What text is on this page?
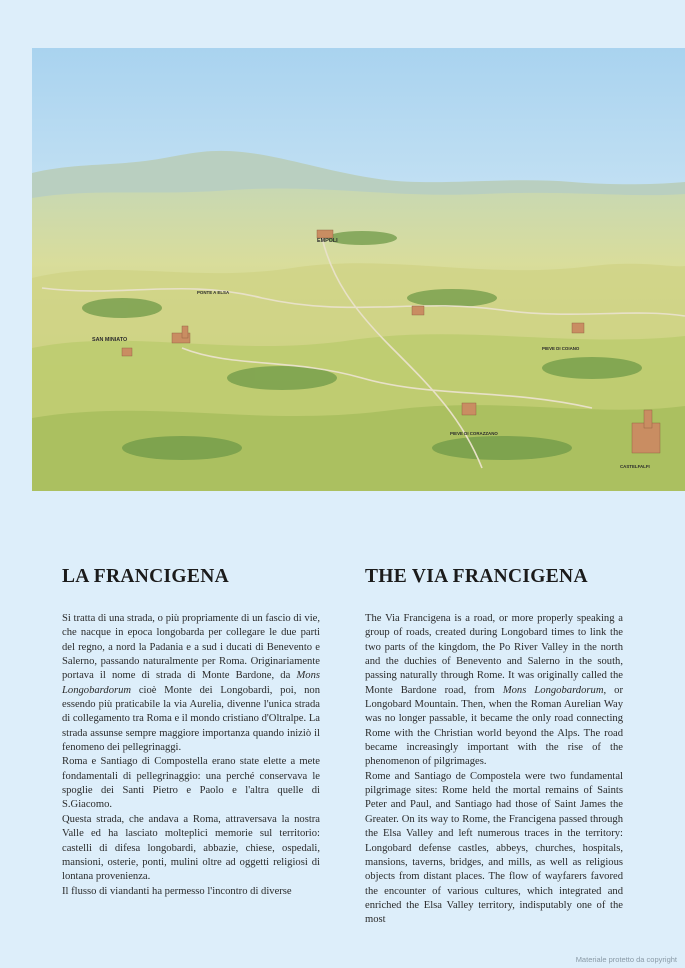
SAN MINIATO
EMPOLI
PIEVE DI CORAZZANO
PIEVE DI COIANO
CASTELFALFI
PONTE A ELSA
LA FRANCIGENA	THE VIA FRANCIGENA

Si tratta di una strada, o più propriamente di un fascio di vie, che nacque in epoca longobarda per collegare le due parti del regno, a nord la Padania e a sud i ducati di Benevento e Salerno, passando naturalmente per Roma. Originariamente portava il nome di strada di Monte Bardone, da Mons Longobardorum cioè Monte dei Longobardi, poi, non essendo più praticabile la via Aurelia, divenne l'unica strada di collegamento tra Roma e il mondo cristiano d'Oltralpe. La strada assunse sempre maggiore importanza quando iniziò il fenomeno dei pellegrinaggi.

Roma e Santiago di Compostella erano state elette a mete fondamentali di pellegrinaggio: una perché conservava le spoglie dei Santi Pietro e Paolo e l'altra quelle di S.Giacomo.

Questa strada, che andava a Roma, attraversava la nostra Valle ed ha lasciato molteplici memorie sul territorio: castelli di difesa longobardi, abbazie, chiese, ospedali, mansioni, osterie, ponti, mulini oltre ad oggetti religiosi di lontana provenienza.

Il flusso di viandanti ha permesso l'incontro di diverse

The Via Francigena is a road, or more properly speaking a group of roads, created during Longobard times to link the two parts of the kingdom, the Po River Valley in the north and the duchies of Benevento and Salerno in the south, passing naturally through Rome. It was originally called the Monte Bardone road, from Mons Longobardorum, or Longobard Mountain. Then, when the Roman Aurelian Way was no longer passable, it became the only road connecting Rome with the Christian world beyond the Alps. The road became increasingly important with the rise of the phenomenon of pilgrimages.

Rome and Santiago de Compostela were two fundamental pilgrimage sites: Rome held the mortal remains of Saints Peter and Paul, and Santiago had those of Saint James the Greater. On its way to Rome, the Francigena passed through the Elsa Valley and left numerous traces in the territory: Longobard defense castles, abbeys, churches, hospitals, mansions, taverns, bridges, and mills, as well as religious objects from distant places. The flow of wayfarers favored the encounter of various cultures, which integrated and enriched the Elsa Valley territory, indisputably one of the most

Materiale protetto da copyright
